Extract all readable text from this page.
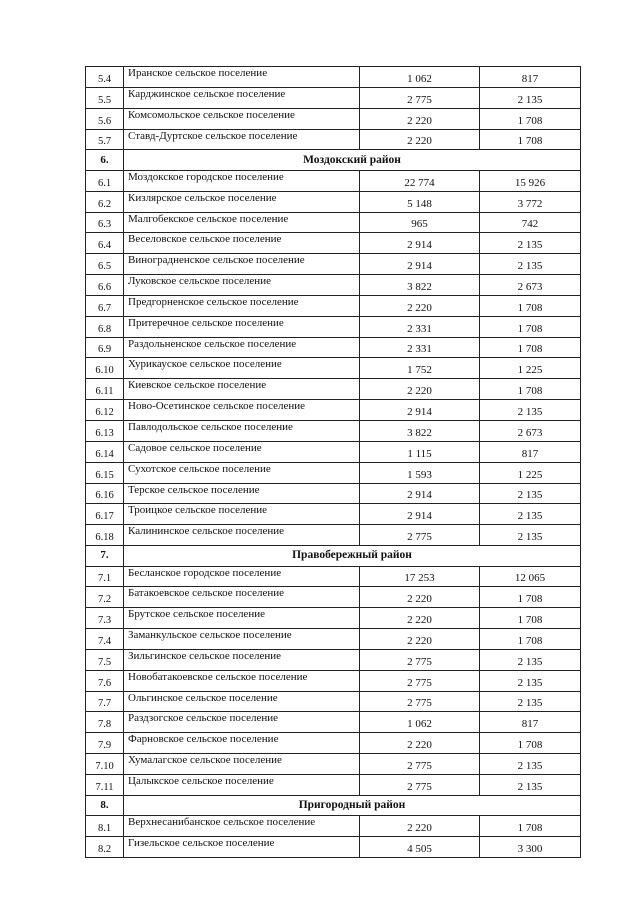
5.4	Иранское сельское поселение	1 062	817
5.5	Карджинское сельское поселение	2 775	2 135
5.6	Комсомольское сельское поселение	2 220	1 708
5.7	Ставд-Дуртское сельское поселение	2 220	1 708
6.	Моздокский район		
6.1	Моздокское городское поселение	22 774	15 926
6.2	Кизлярское сельское поселение	5 148	3 772
6.3	Малгобекское сельское поселение	965	742
6.4	Веселовское сельское поселение	2 914	2 135
6.5	Виноградненское сельское поселение	2 914	2 135
6.6	Луковское сельское поселение	3 822	2 673
6.7	Предгорненское сельское поселение	2 220	1 708
6.8	Притеречное сельское поселение	2 331	1 708
6.9	Раздольненское сельское поселение	2 331	1 708
6.10	Хурикауское сельское поселение	1 752	1 225
6.11	Киевское сельское поселение	2 220	1 708
6.12	Ново-Осетинское сельское поселение	2 914	2 135
6.13	Павлодольское сельское поселение	3 822	2 673
6.14	Садовое сельское поселение	1 115	817
6.15	Сухотское сельское поселение	1 593	1 225
6.16	Терское сельское поселение	2 914	2 135
6.17	Троицкое сельское поселение	2 914	2 135
6.18	Калининское сельское поселение	2 775	2 135
7.	Правобережный район		
7.1	Бесланское городское поселение	17 253	12 065
7.2	Батакоевское сельское поселение	2 220	1 708
7.3	Брутское сельское поселение	2 220	1 708
7.4	Заманкульское сельское поселение	2 220	1 708
7.5	Зильгинское сельское поселение	2 775	2 135
7.6	Новобатакоевское сельское поселение	2 775	2 135
7.7	Ольгинское сельское поселение	2 775	2 135
7.8	Раздзогское сельское поселение	1 062	817
7.9	Фарновское сельское поселение	2 220	1 708
7.10	Хумалагское сельское поселение	2 775	2 135
7.11	Цалыкское сельское поселение	2 775	2 135
8.	Пригородный район		
8.1	Верхнесанибанское сельское поселение	2 220	1 708
8.2	Гизельское сельское поселение	4 505	3 300
